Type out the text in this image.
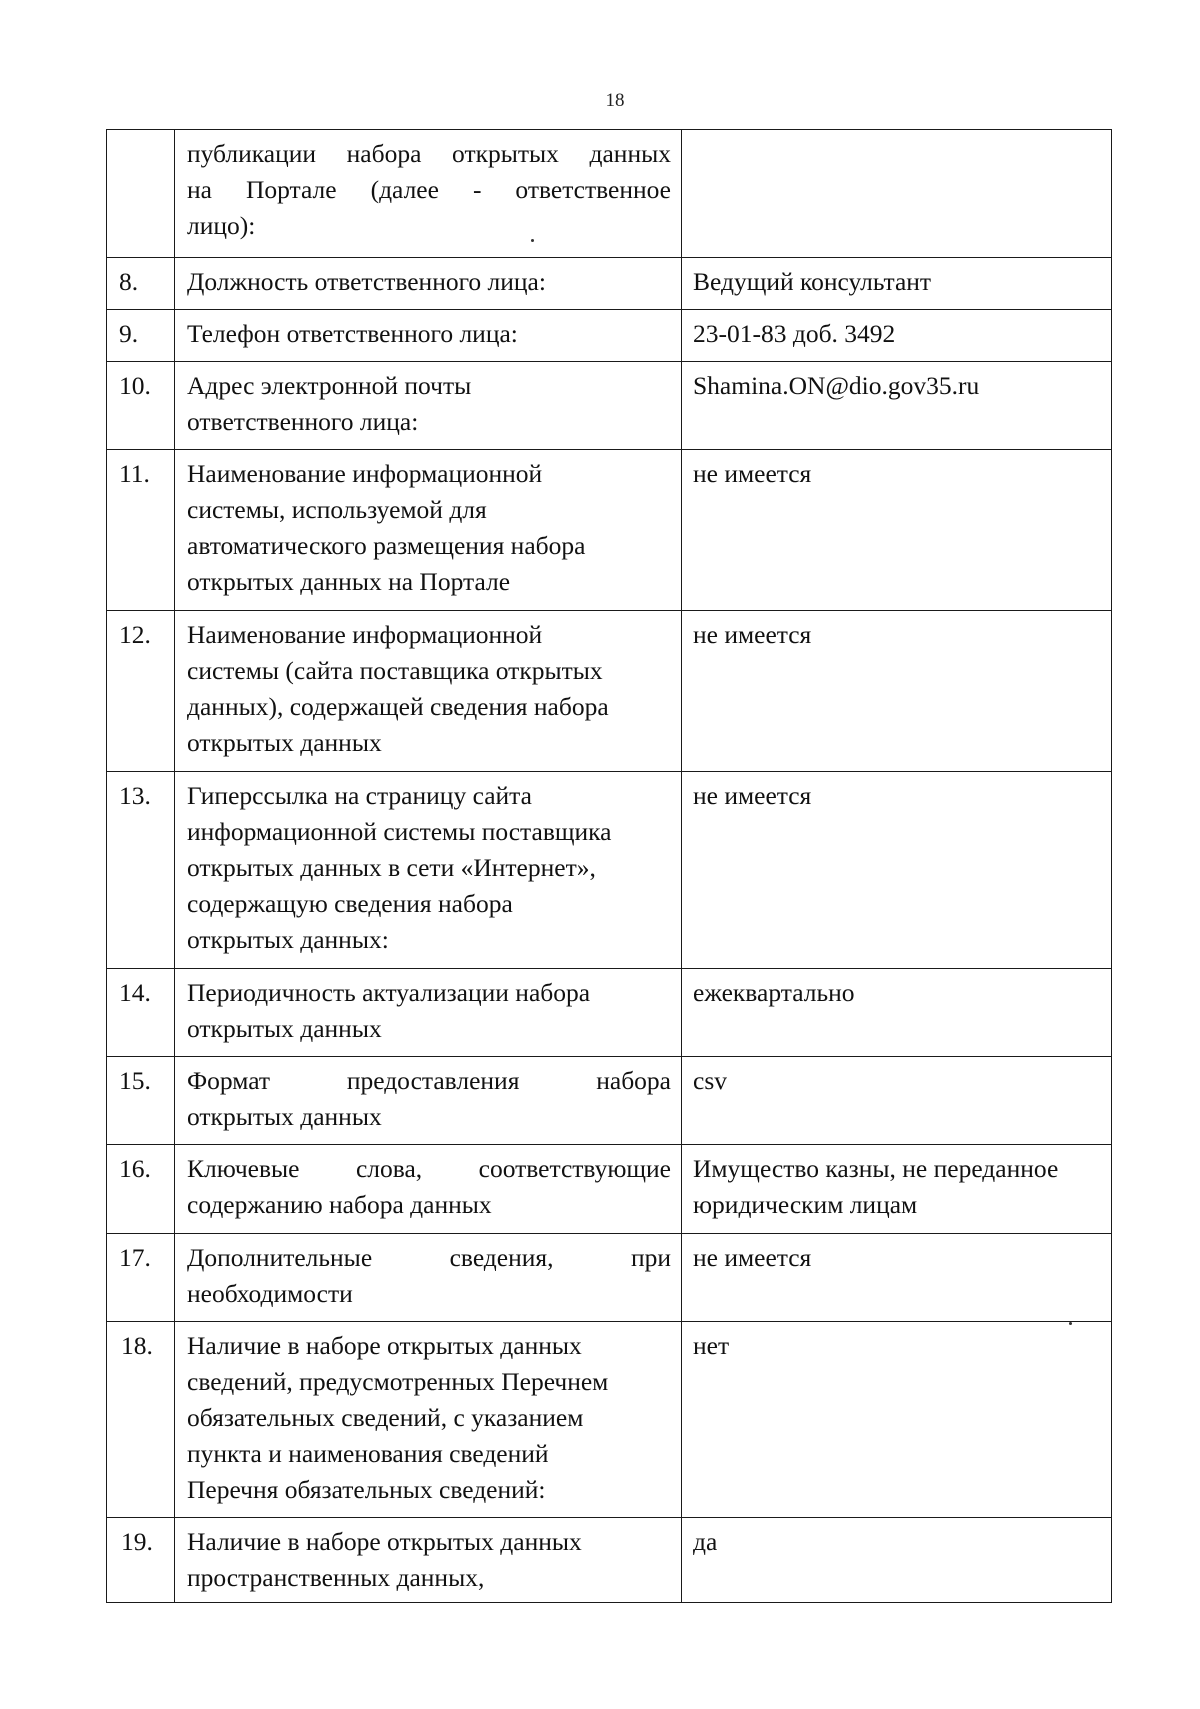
18

	публикации набора открытых данных
на Портале (далее - ответственное
лицо):	

8.	Должность ответственного лица:	Ведущий консультант

9.	Телефон ответственного лица:	23-01-83 доб. 3492

10.	Адрес электронной почты
ответственного лица:	Shamina.ON@dio.gov35.ru

11.	Наименование информационной
системы, используемой для
автоматического размещения набора
открытых данных на Портале	не имеется

12.	Наименование информационной
системы (сайта поставщика открытых
данных), содержащей сведения набора
открытых данных	не имеется

13.	Гиперссылка на страницу сайта
информационной системы поставщика
открытых данных в сети «Интернет»,
содержащую сведения набора
открытых данных:	не имеется

14.	Периодичность актуализации набора
открытых данных	ежеквартально

15.	Формат предоставления набора
открытых данных	csv

16.	Ключевые слова, соответствующие
содержанию набора данных	Имущество казны, не переданное
юридическим лицам

17.	Дополнительные сведения, при
необходимости	не имеется

18.	Наличие в наборе открытых данных
сведений, предусмотренных Перечнем
обязательных сведений, с указанием
пункта и наименования сведений
Перечня обязательных сведений:	нет

19.	Наличие в наборе открытых данных
пространственных данных,	да
